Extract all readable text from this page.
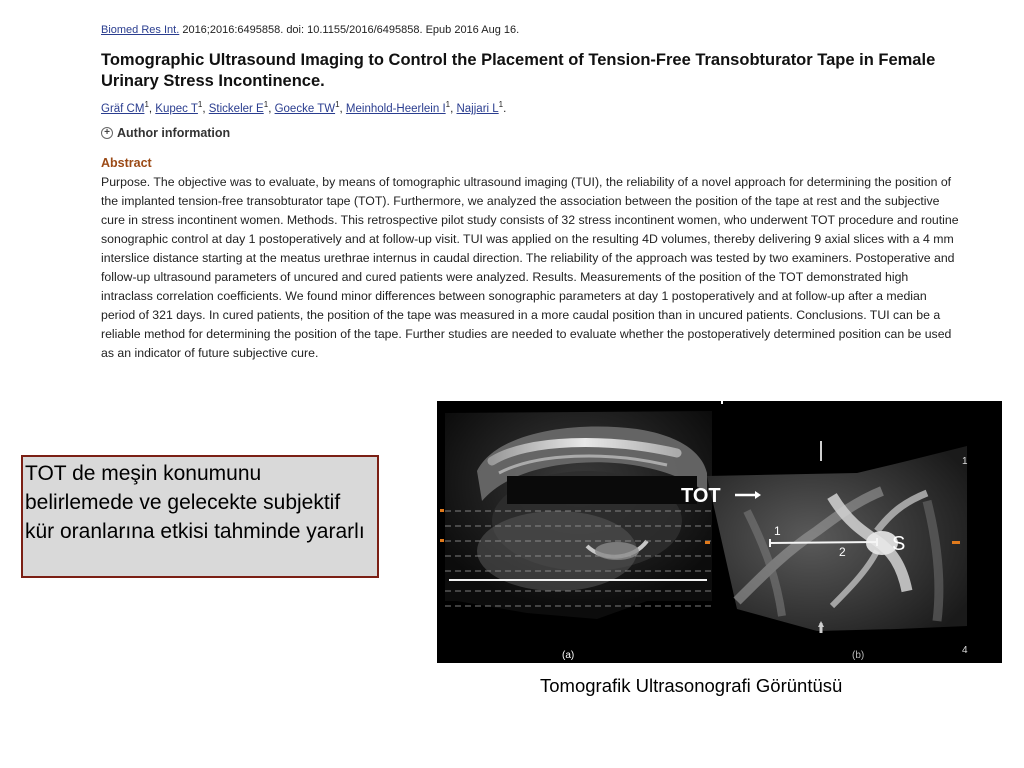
Biomed Res Int. 2016;2016:6495858. doi: 10.1155/2016/6495858. Epub 2016 Aug 16.
Tomographic Ultrasound Imaging to Control the Placement of Tension-Free Transobturator Tape in Female Urinary Stress Incontinence.
Gräf $CM^1$, Kupec $T^1$, Stickeler $E^1$, Goecke $TW^1$, Meinhold-Heerlein $I^1$, Najjari $L^1$.
+ Author information
Abstract

Purpose. The objective was to evaluate, by means of tomographic ultrasound imaging (TUI), the reliability of a novel approach for determining the position of the implanted tension-free transobturator tape (TOT). Furthermore, we analyzed the association between the position of the tape at rest and the subjective cure in stress incontinent women. Methods. This retrospective pilot study consists of 32 stress incontinent women, who underwent TOT procedure and routine sonographic control at day 1 postoperatively and at follow-up visit. TUI was applied on the resulting 4D volumes, thereby delivering 9 axial slices with a 4 mm interslice distance starting at the meatus urethrae internus in caudal direction. The reliability of the approach was tested by two examiners. Postoperative and follow-up ultrasound parameters of uncured and cured patients were analyzed. Results. Measurements of the position of the TOT demonstrated high intraclass correlation coefficients. We found minor differences between sonographic parameters at day 1 postoperatively and at follow-up after a median period of 321 days. In cured patients, the position of the tape was measured in a more caudal position than in uncured patients. Conclusions. TUI can be a reliable method for determining the position of the tape. Further studies are needed to evaluate whether the postoperatively determined position can be used as an indicator of future subjective cure.

TOT de meşin konumunu belirlemede ve gelecekte subjektif kür oranlarına etkisi tahminde yararlı
TOT
S
1
2
1
4
(a)	(b)
Tomografik Ultrasonografi Görüntüsü
